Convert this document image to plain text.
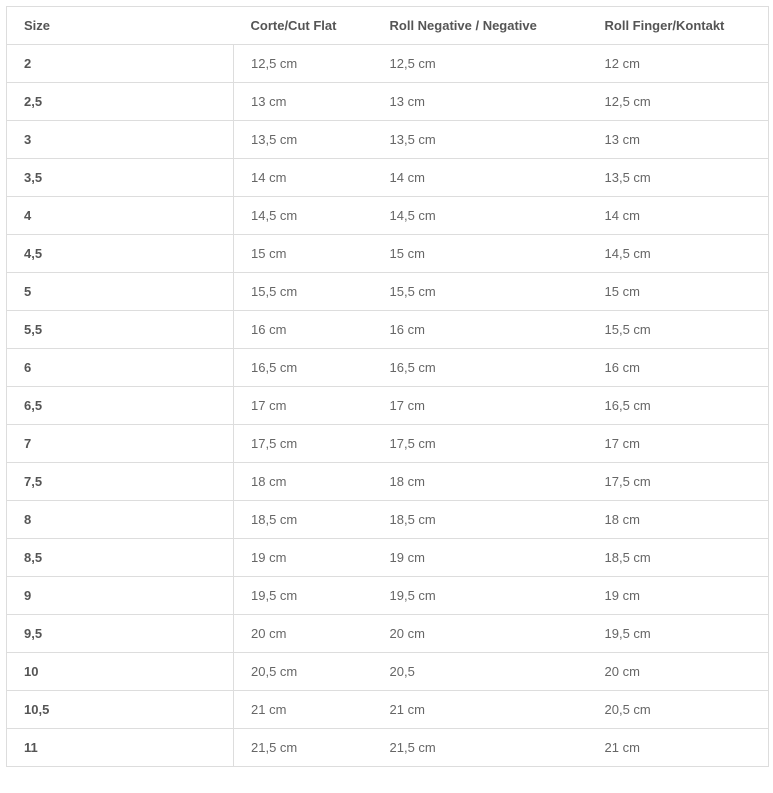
Size	Corte/Cut Flat	Roll Negative / Negative	Roll Finger/Kontakt
2	12,5 cm	12,5 cm	12 cm
2,5	13 cm	13 cm	12,5 cm
3	13,5 cm	13,5 cm	13 cm
3,5	14 cm	14 cm	13,5 cm
4	14,5 cm	14,5 cm	14 cm
4,5	15 cm	15 cm	14,5 cm
5	15,5 cm	15,5 cm	15 cm
5,5	16 cm	16 cm	15,5 cm
6	16,5 cm	16,5 cm	16 cm
6,5	17 cm	17 cm	16,5 cm
7	17,5 cm	17,5 cm	17 cm
7,5	18 cm	18 cm	17,5 cm
8	18,5 cm	18,5 cm	18 cm
8,5	19 cm	19 cm	18,5 cm
9	19,5 cm	19,5 cm	19 cm
9,5	20 cm	20 cm	19,5 cm
10	20,5 cm	20,5	20 cm
10,5	21 cm	21 cm	20,5 cm
11	21,5 cm	21,5 cm	21 cm
